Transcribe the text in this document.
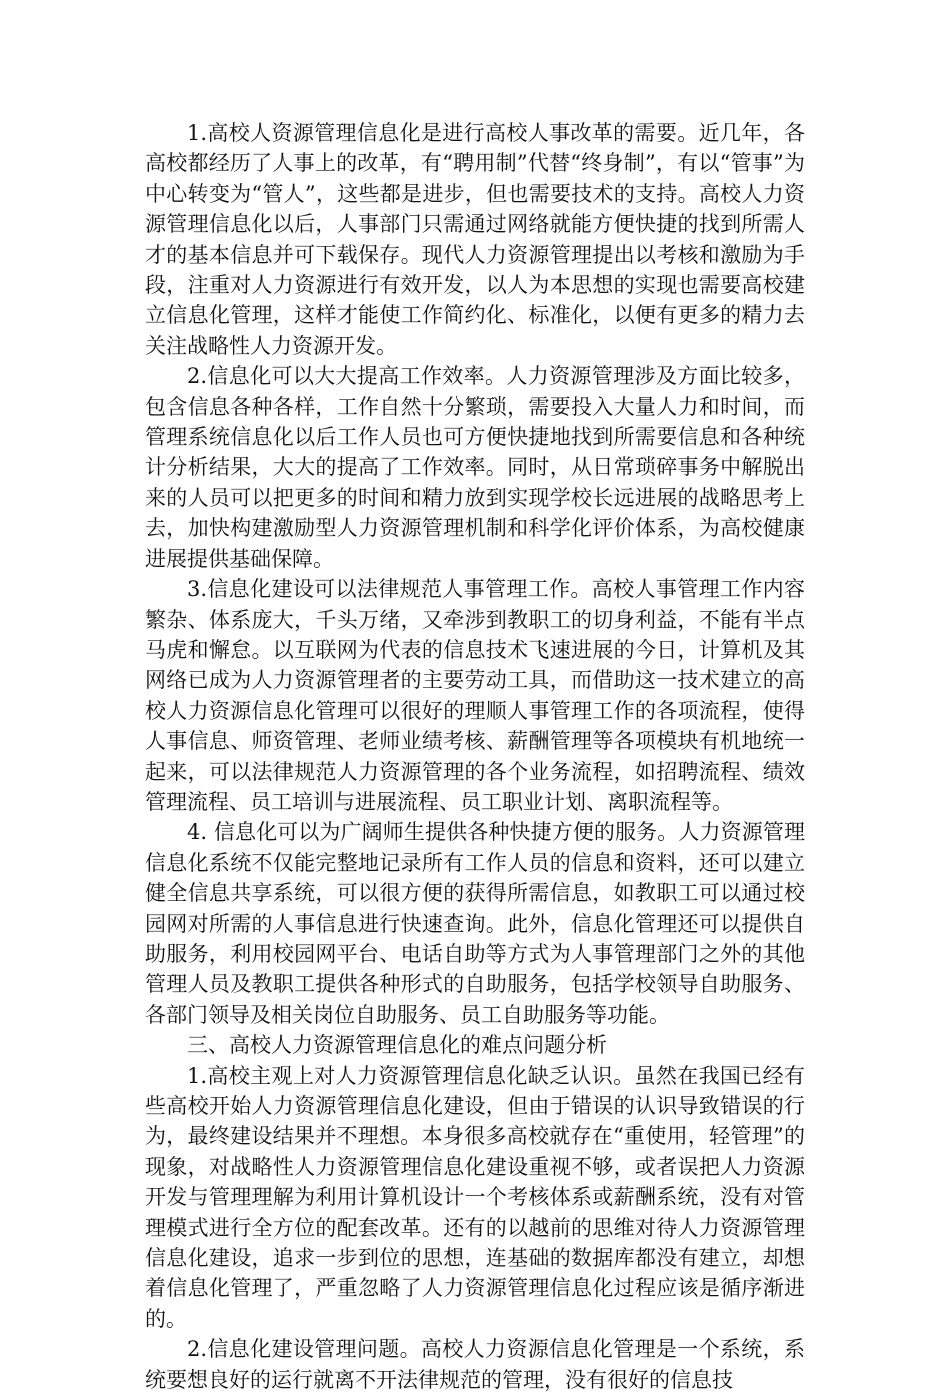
1.高校人资源管理信息化是进行高校人事改革的需要。近几年，各高校都经历了人事上的改革，有“聘用制”代替“终身制”，有以“管事”为中心转变为“管人”，这些都是进步，但也需要技术的支持。高校人力资源管理信息化以后，人事部门只需通过网络就能方便快捷的找到所需人才的基本信息并可下载保存。现代人力资源管理提出以考核和激励为手段，注重对人力资源进行有效开发，以人为本思想的实现也需要高校建立信息化管理，这样才能使工作简约化、标准化，以便有更多的精力去关注战略性人力资源开发。

2.信息化可以大大提高工作效率。人力资源管理涉及方面比较多，包含信息各种各样，工作自然十分繁琐，需要投入大量人力和时间，而管理系统信息化以后工作人员也可方便快捷地找到所需要信息和各种统计分析结果，大大的提高了工作效率。同时，从日常琐碎事务中解脱出来的人员可以把更多的时间和精力放到实现学校长远进展的战略思考上去，加快构建激励型人力资源管理机制和科学化评价体系，为高校健康进展提供基础保障。

3.信息化建设可以法律规范人事管理工作。高校人事管理工作内容繁杂、体系庞大，千头万绪，又牵涉到教职工的切身利益，不能有半点马虎和懈怠。以互联网为代表的信息技术飞速进展的今日，计算机及其网络已成为人力资源管理者的主要劳动工具，而借助这一技术建立的高校人力资源信息化管理可以很好的理顺人事管理工作的各项流程，使得人事信息、师资管理、老师业绩考核、薪酬管理等各项模块有机地统一起来，可以法律规范人力资源管理的各个业务流程，如招聘流程、绩效管理流程、员工培训与进展流程、员工职业计划、离职流程等。

4. 信息化可以为广阔师生提供各种快捷方便的服务。人力资源管理信息化系统不仅能完整地记录所有工作人员的信息和资料，还可以建立健全信息共享系统，可以很方便的获得所需信息，如教职工可以通过校园网对所需的人事信息进行快速查询。此外，信息化管理还可以提供自助服务，利用校园网平台、电话自助等方式为人事管理部门之外的其他管理人员及教职工提供各种形式的自助服务，包括学校领导自助服务、各部门领导及相关岗位自助服务、员工自助服务等功能。

三、高校人力资源管理信息化的难点问题分析

1.高校主观上对人力资源管理信息化缺乏认识。虽然在我国已经有些高校开始人力资源管理信息化建设，但由于错误的认识导致错误的行为，最终建设结果并不理想。本身很多高校就存在“重使用，轻管理”的现象，对战略性人力资源管理信息化建设重视不够，或者误把人力资源开发与管理理解为利用计算机设计一个考核体系或薪酬系统，没有对管理模式进行全方位的配套改革。还有的以越前的思维对待人力资源管理信息化建设，追求一步到位的思想，连基础的数据库都没有建立，却想着信息化管理了，严重忽略了人力资源管理信息化过程应该是循序渐进的。

2.信息化建设管理问题。高校人力资源信息化管理是一个系统，系统要想良好的运行就离不开法律规范的管理，没有很好的信息技
